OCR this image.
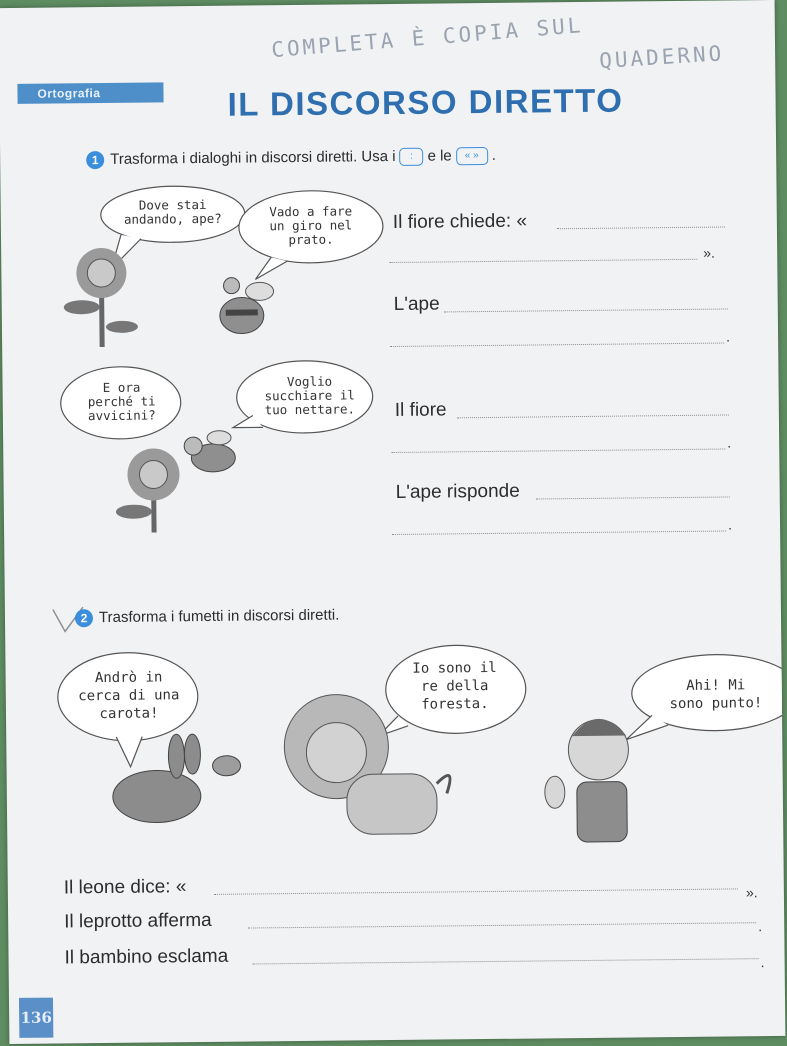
Ortografia	IL DISCORSO DIRETTO
COMPLETA È COPIA SUL QUADERNO
1 Trasforma i dialoghi in discorsi diretti. Usa i : e le « » .
Dove stai
andando, ape?	Vado a fare
un giro nel
prato.
E ora
perché ti
avvicini?
Voglio
succhiare il
tuo nettare.
Il fiore chiede: «
».
L'ape
.
Il fiore
.
L'ape risponde
.
2 Trasforma i fumetti in discorsi diretti.
Andrò in
cerca di una
carota!
Io sono il
re della
foresta.
Ahi! Mi
sono punto!
Il leone dice: «	».
Il leprotto afferma	.
Il bambino esclama	.
136
